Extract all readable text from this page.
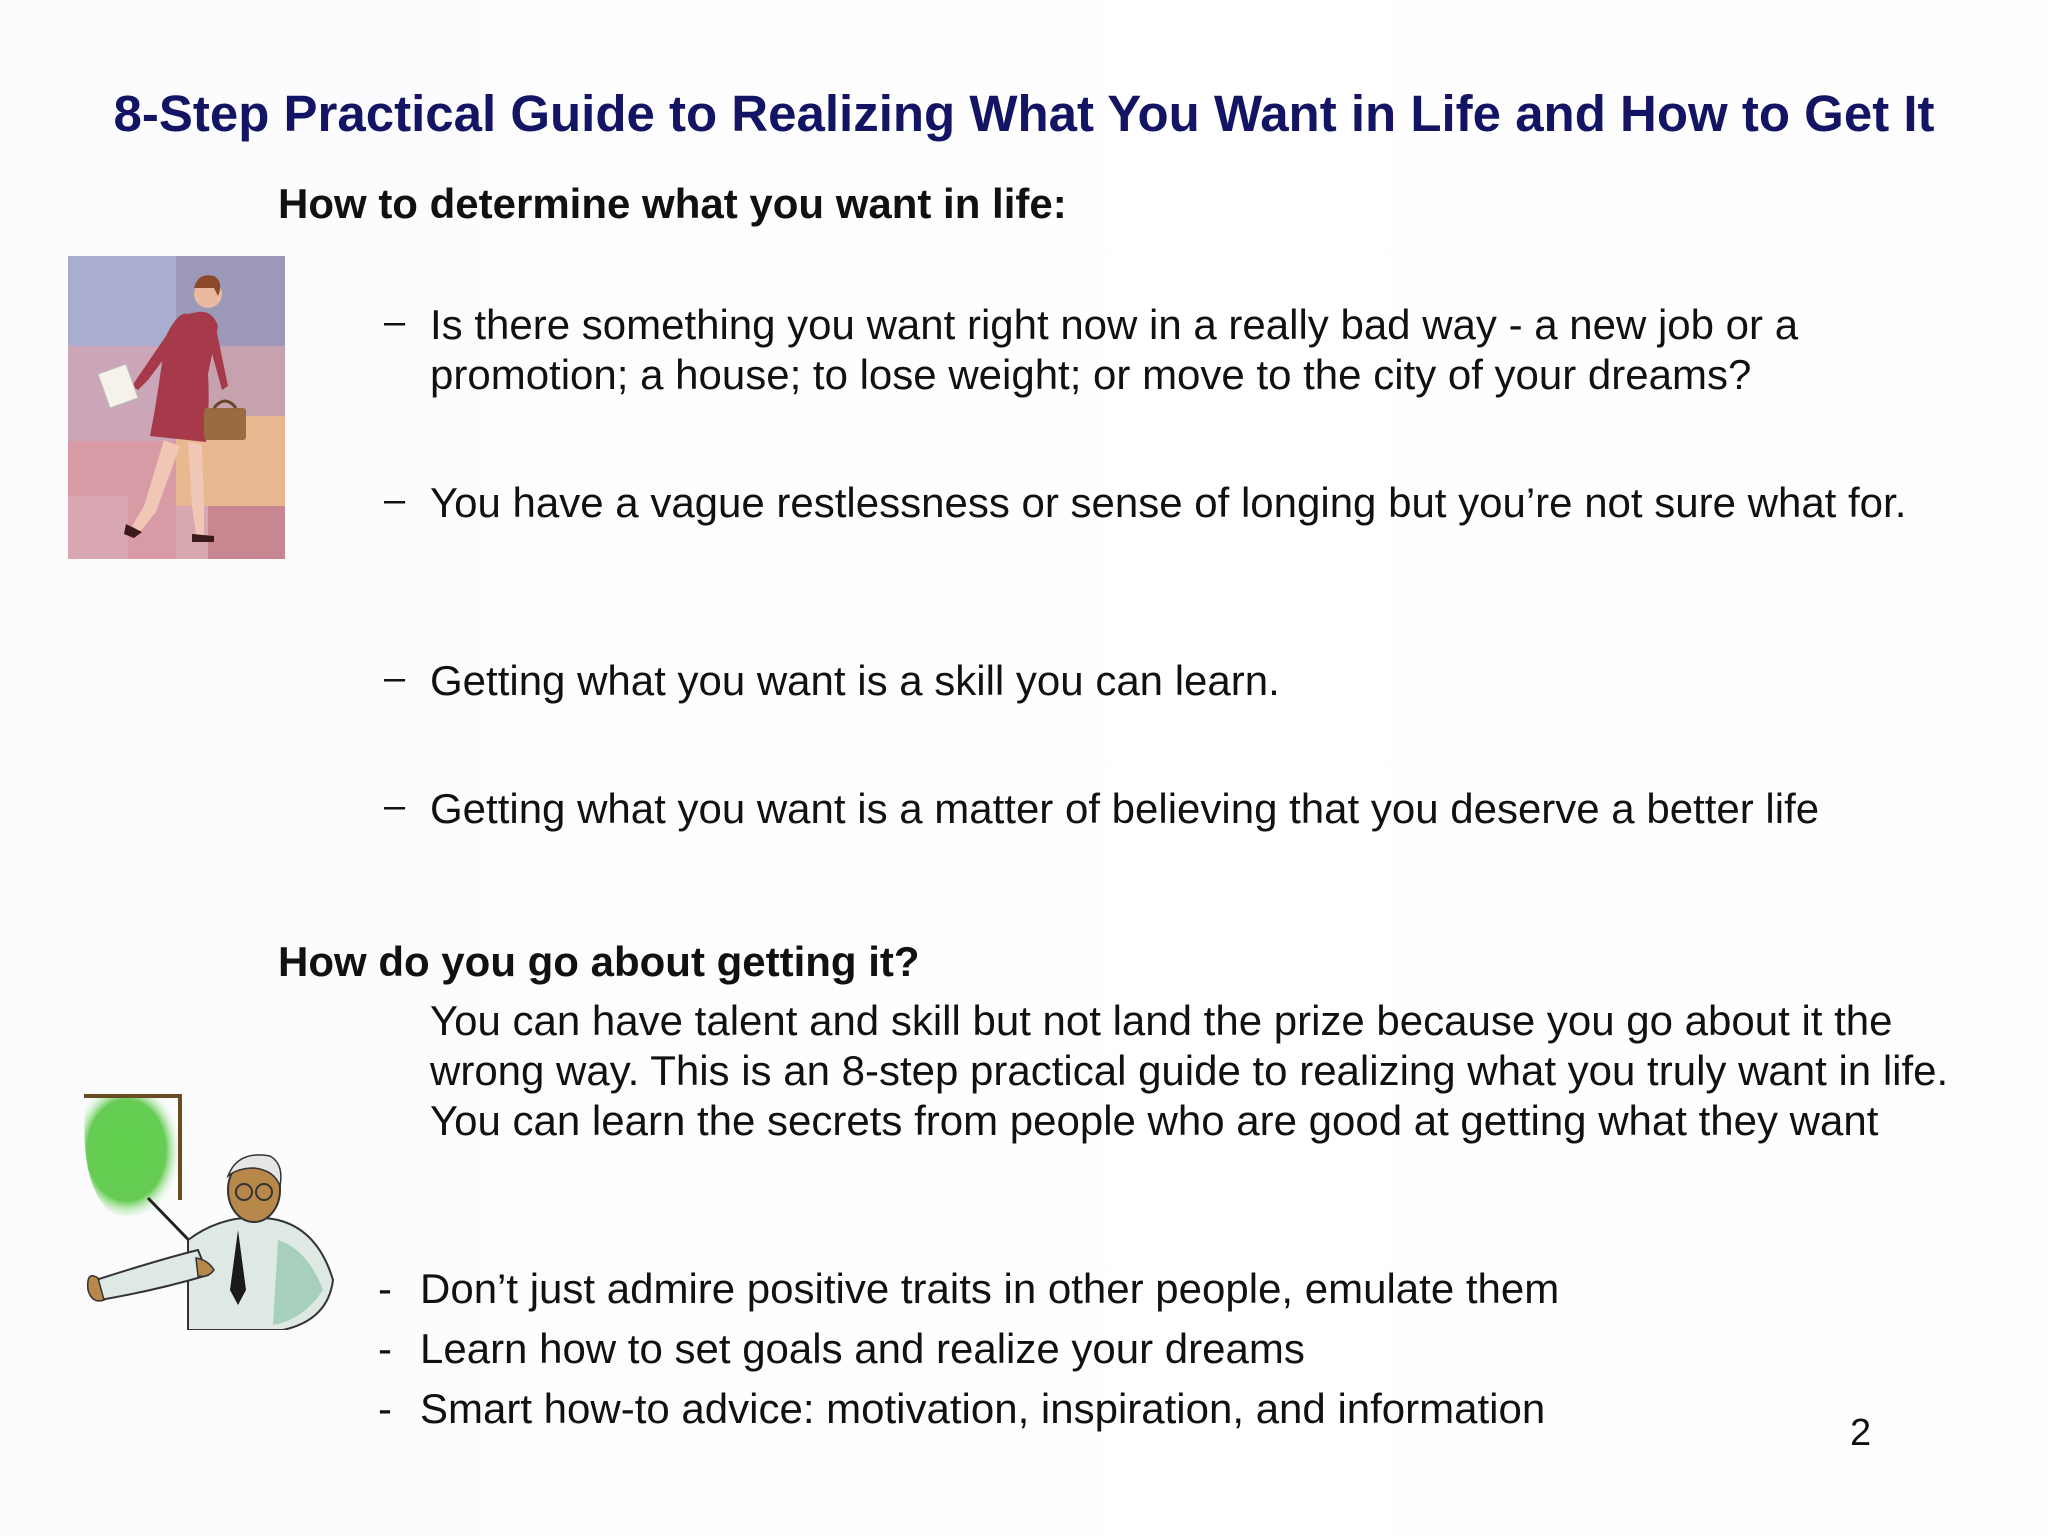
8-Step Practical Guide to Realizing What You Want in Life and How to Get It
How to determine what you want in life:
–
–
–
–
Is there something you want right now in a really bad way - a new job or a promotion; a house; to lose weight; or move to the city of your dreams?
You have a vague restlessness or sense of longing but you’re not sure what for.
Getting what you want is a skill you can learn.
Getting what you want is a matter of believing that you deserve a better life
How do you go about getting it?
You can have talent and skill but not land the prize because you go about it the wrong way. This is an 8-step practical guide to realizing what you truly want in life. You can learn the secrets from people who are good at getting what they want
-
-
-
Don’t just admire positive traits in other people, emulate them
Learn how to set goals and realize your dreams
Smart how-to advice: motivation, inspiration, and information
2
